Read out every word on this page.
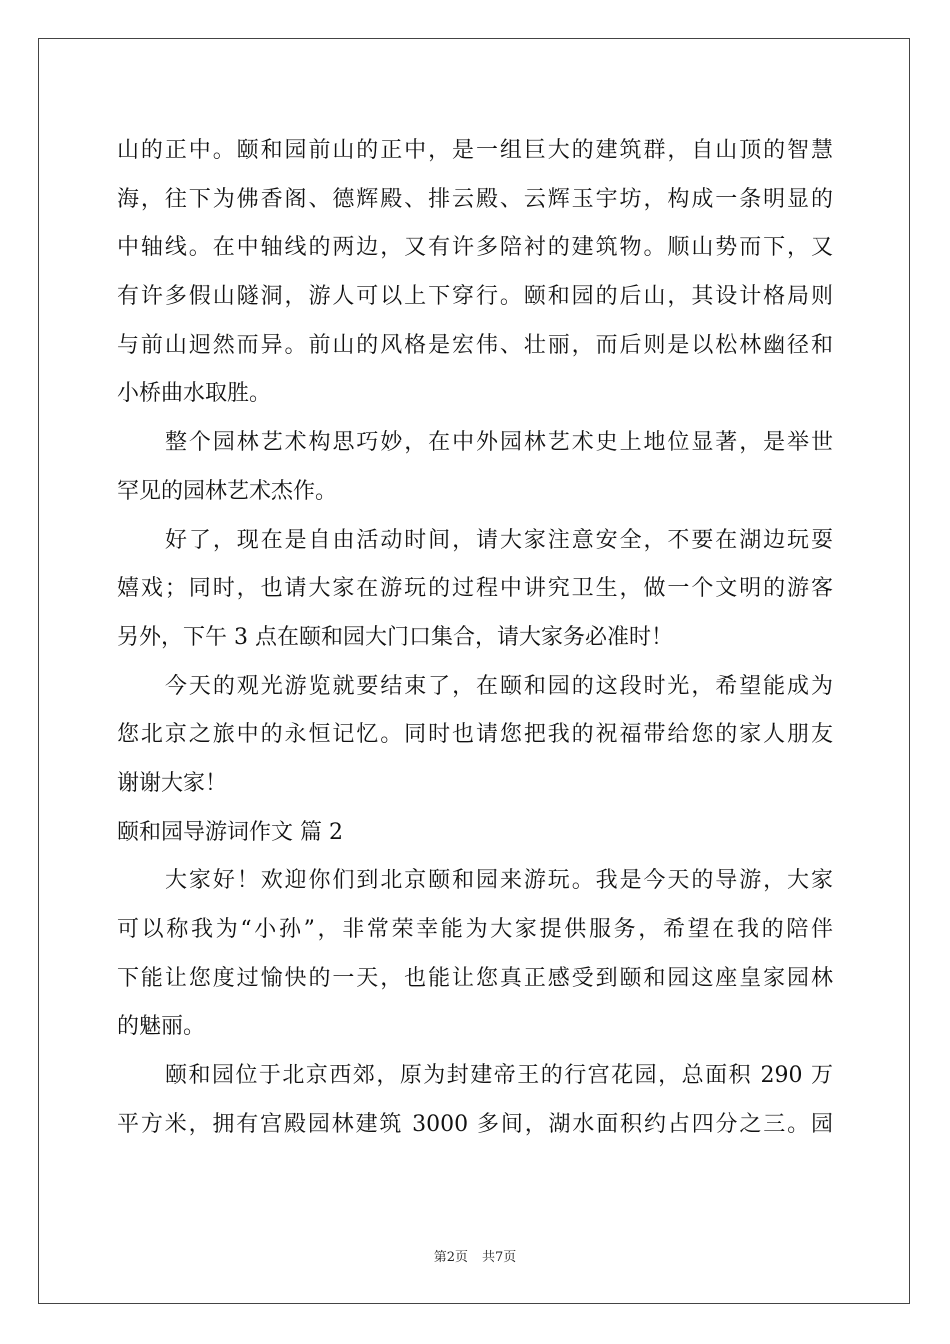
山的正中。颐和园前山的正中，是一组巨大的建筑群，自山顶的智慧
海，往下为佛香阁、德辉殿、排云殿、云辉玉宇坊，构成一条明显的
中轴线。在中轴线的两边，又有许多陪衬的建筑物。顺山势而下，又
有许多假山隧洞，游人可以上下穿行。颐和园的后山，其设计格局则
与前山迥然而异。前山的风格是宏伟、壮丽，而后则是以松林幽径和
小桥曲水取胜。
整个园林艺术构思巧妙，在中外园林艺术史上地位显著，是举世
罕见的园林艺术杰作。
好了，现在是自由活动时间，请大家注意安全，不要在湖边玩耍
嬉戏；同时，也请大家在游玩的过程中讲究卫生，做一个文明的游客
另外，下午 3 点在颐和园大门口集合，请大家务必准时！
今天的观光游览就要结束了，在颐和园的这段时光，希望能成为
您北京之旅中的永恒记忆。同时也请您把我的祝福带给您的家人朋友
谢谢大家！
颐和园导游词作文 篇 2
大家好！欢迎你们到北京颐和园来游玩。我是今天的导游，大家
可以称我为“小孙”，非常荣幸能为大家提供服务，希望在我的陪伴
下能让您度过愉快的一天，也能让您真正感受到颐和园这座皇家园林
的魅丽。
颐和园位于北京西郊，原为封建帝王的行宫花园，总面积 290 万
平方米，拥有宫殿园林建筑 3000 多间，湖水面积约占四分之三。园
第2页 共7页
